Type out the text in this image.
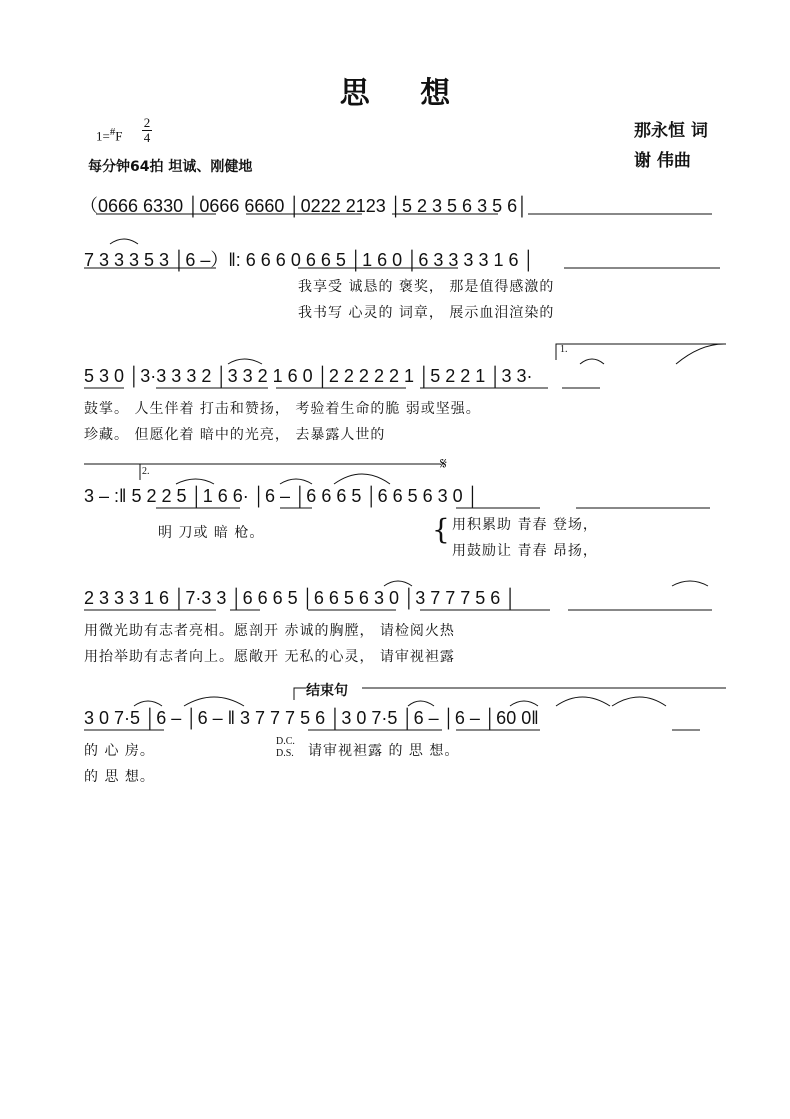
思 想
那永恒 词
谢 伟曲
1=#F
2
4
每分钟64拍 坦诚、刚健地
（0666 6330 │0666 6660 │0222 2123 │5 2 3 5 6 3 5 6│
7 3 3 3 5 3 │6 –）‖: 6 6 6 0 6 6 5 │1 6 0 │6 3 3 3 3 1 6 │
我享受 诚恳的 褒奖， 那是值得感激的
我书写 心灵的 词章， 展示血泪渲染的
5 3 0 │3·3 3 3 2 │3 3 2 1 6 0 │2 2 2 2 2 1 │5 2 2 1 │3 3·
鼓掌。 人生伴着 打击和赞扬， 考验着生命的脆 弱或坚强。
珍藏。 但愿化着 暗中的光亮， 去暴露人世的
1.
3 – :‖ 5 2 2 5 │1 6 6· │6 – │6 6 6 5 │6 6 5 6 3 0 │
2.	𝄋
明 刀或 暗 枪。	用积累助 青春 登场，
用鼓励让 青春 昂扬，
{
2 3 3 3 1 6 │7·3 3 │6 6 6 5 │6 6 5 6 3 0 │3 7 7 7 5 6 │
用微光助有志者亮相。愿剖开 赤诚的胸膛， 请检阅火热
用抬举助有志者向上。愿敞开 无私的心灵， 请审视袒露
结束句
3 0 7·5 │6 – │6 – ‖ 3 7 7 7 5 6 │3 0 7·5 │6 – │6 – │60 0‖
的 心 房。	请审视袒露 的 思 想。
的 思 想。
D.C.
D.S.
